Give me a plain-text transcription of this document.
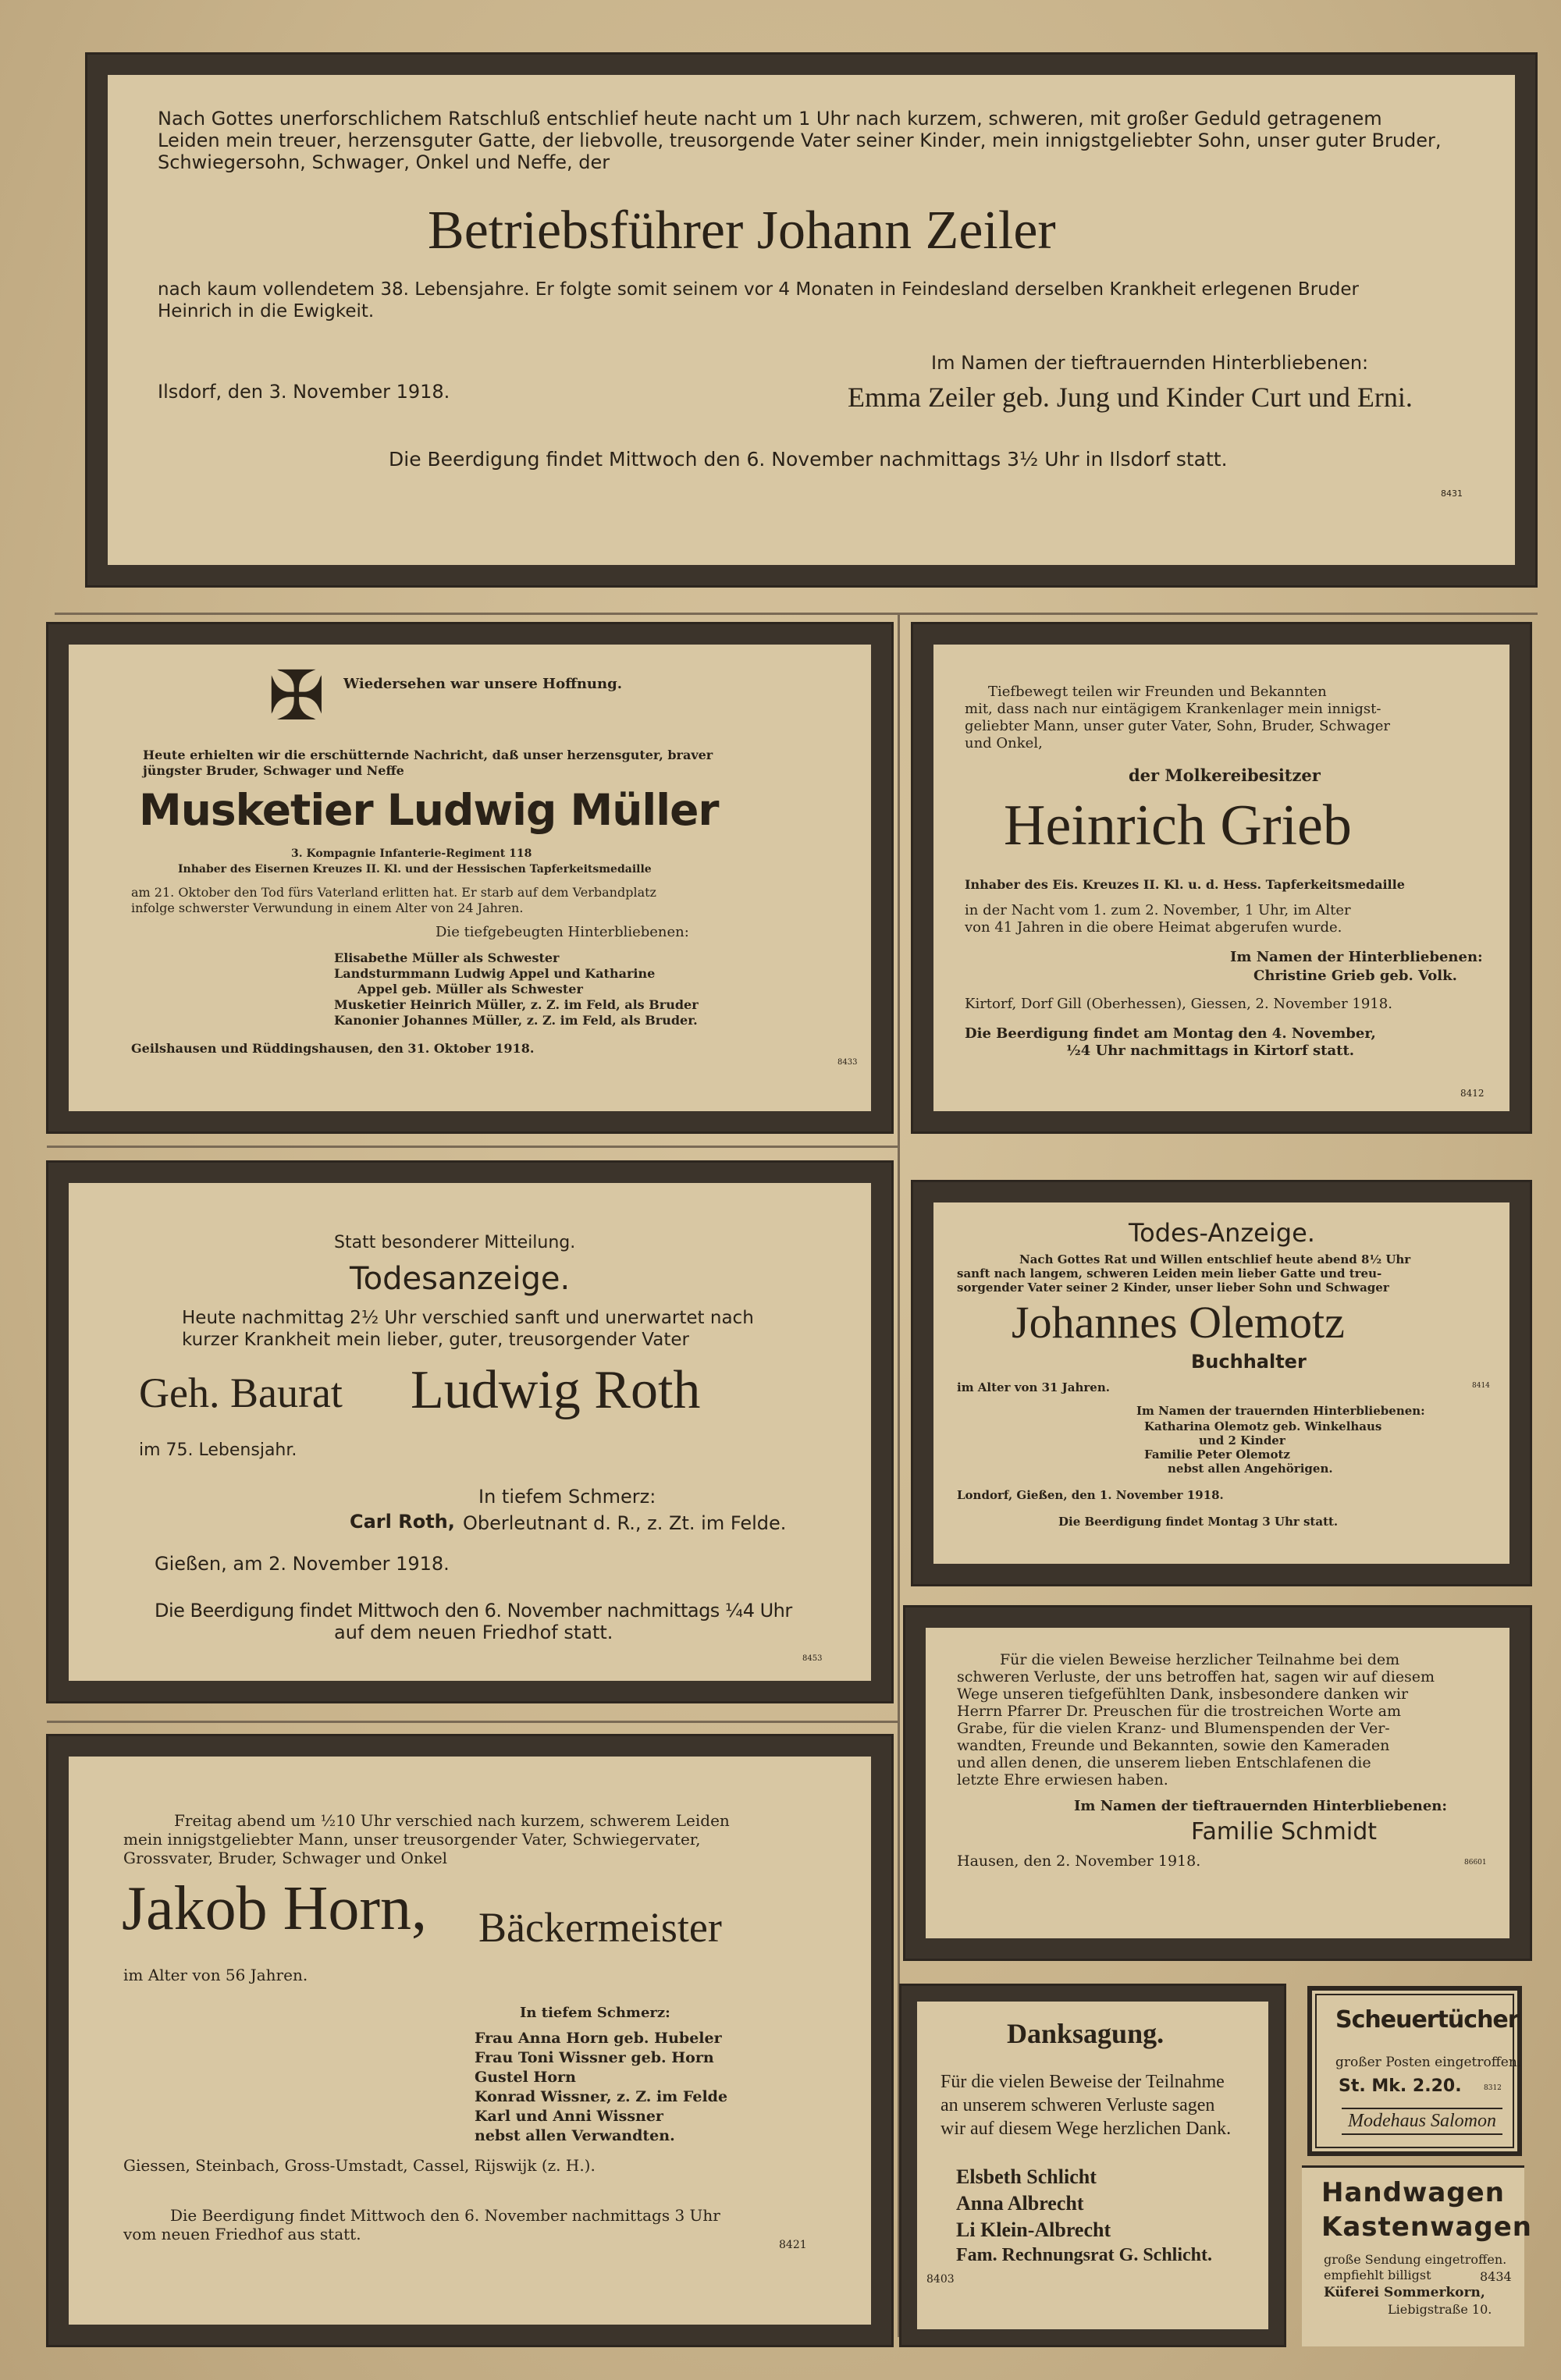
Nach Gottes unerforschlichem Ratschluß entschlief heute nacht um 1 Uhr nach kurzem, schweren, mit großer Geduld getragenem
Leiden mein treuer, herzensguter Gatte, der liebvolle, treusorgende Vater seiner Kinder, mein innigstgeliebter Sohn, unser guter Bruder,
Schwiegersohn, Schwager, Onkel und Neffe, der
Betriebsführer Johann Zeiler
nach kaum vollendetem 38. Lebensjahre. Er folgte somit seinem vor 4 Monaten in Feindesland derselben Krankheit erlegenen Bruder
Heinrich in die Ewigkeit.
Im Namen der tieftrauernden Hinterbliebenen:
Ilsdorf, den 3. November 1918.	Emma Zeiler geb. Jung und Kinder Curt und Erni.
Die Beerdigung findet Mittwoch den 6. November nachmittags 3½ Uhr in Ilsdorf statt.
8431
✠ Wiedersehen war unsere Hoffnung.
Heute erhielten wir die erschütternde Nachricht, daß unser herzensguter, braver
jüngster Bruder, Schwager und Neffe
Musketier Ludwig Müller
3. Kompagnie Infanterie-Regiment 118
Inhaber des Eisernen Kreuzes II. Kl. und der Hessischen Tapferkeitsmedaille
am 21. Oktober den Tod fürs Vaterland erlitten hat. Er starb auf dem Verbandplatz
infolge schwerster Verwundung in einem Alter von 24 Jahren.
Die tiefgebeugten Hinterbliebenen:
Elisabethe Müller als Schwester
Landsturmmann Ludwig Appel und Katharine
Appel geb. Müller als Schwester
Musketier Heinrich Müller, z. Z. im Feld, als Bruder
Kanonier Johannes Müller, z. Z. im Feld, als Bruder.
Geilshausen und Rüddingshausen, den 31. Oktober 1918.
8433
Tiefbewegt teilen wir Freunden und Bekannten
mit, dass nach nur eintägigem Krankenlager mein innigst-
geliebter Mann, unser guter Vater, Sohn, Bruder, Schwager
und Onkel,
der Molkereibesitzer
Heinrich Grieb
Inhaber des Eis. Kreuzes II. Kl. u. d. Hess. Tapferkeitsmedaille
in der Nacht vom 1. zum 2. November, 1 Uhr, im Alter
von 41 Jahren in die obere Heimat abgerufen wurde.
Im Namen der Hinterbliebenen:
Christine Grieb geb. Volk.
Kirtorf, Dorf Gill (Oberhessen), Giessen, 2. November 1918.
Die Beerdigung findet am Montag den 4. November,
½4 Uhr nachmittags in Kirtorf statt.
8412
Statt besonderer Mitteilung.
Todesanzeige.
Heute nachmittag 2½ Uhr verschied sanft und unerwartet nach
kurzer Krankheit mein lieber, guter, treusorgender Vater
Geh. Baurat Ludwig Roth
im 75. Lebensjahr.
In tiefem Schmerz:
Carl Roth, Oberleutnant d. R., z. Zt. im Felde.
Gießen, am 2. November 1918.
Die Beerdigung findet Mittwoch den 6. November nachmittags ¼4 Uhr
auf dem neuen Friedhof statt.
8453
Todes-Anzeige.
Nach Gottes Rat und Willen entschlief heute abend 8½ Uhr
sanft nach langem, schweren Leiden mein lieber Gatte und treu-
sorgender Vater seiner 2 Kinder, unser lieber Sohn und Schwager
Johannes Olemotz
Buchhalter
im Alter von 31 Jahren.	8414
Im Namen der trauernden Hinterbliebenen:
Katharina Olemotz geb. Winkelhaus
und 2 Kinder
Familie Peter Olemotz
nebst allen Angehörigen.
Londorf, Gießen, den 1. November 1918.
Die Beerdigung findet Montag 3 Uhr statt.
Für die vielen Beweise herzlicher Teilnahme bei dem
schweren Verluste, der uns betroffen hat, sagen wir auf diesem
Wege unseren tiefgefühlten Dank, insbesondere danken wir
Herrn Pfarrer Dr. Preuschen für die trostreichen Worte am
Grabe, für die vielen Kranz- und Blumenspenden der Ver-
wandten, Freunde und Bekannten, sowie den Kameraden
und allen denen, die unserem lieben Entschlafenen die
letzte Ehre erwiesen haben.
Im Namen der tieftrauernden Hinterbliebenen:
Familie Schmidt
Hausen, den 2. November 1918.	86601
Freitag abend um ½10 Uhr verschied nach kurzem, schwerem Leiden
mein innigstgeliebter Mann, unser treusorgender Vater, Schwiegervater,
Grossvater, Bruder, Schwager und Onkel
Jakob Horn, Bäckermeister
im Alter von 56 Jahren.
In tiefem Schmerz:
Frau Anna Horn geb. Hubeler
Frau Toni Wissner geb. Horn
Gustel Horn
Konrad Wissner, z. Z. im Felde
Karl und Anni Wissner
nebst allen Verwandten.
Giessen, Steinbach, Gross-Umstadt, Cassel, Rijswijk (z. H.).
Die Beerdigung findet Mittwoch den 6. November nachmittags 3 Uhr
vom neuen Friedhof aus statt.
8421
Danksagung.
Für die vielen Beweise der Teilnahme
an unserem schweren Verluste sagen
wir auf diesem Wege herzlichen Dank.
Elsbeth Schlicht
Anna Albrecht
Li Klein-Albrecht
Fam. Rechnungsrat G. Schlicht.
8403
Scheuertücher
großer Posten eingetroffen.
St. Mk. 2.20.	8312
Modehaus Salomon
Handwagen
Kastenwagen
große Sendung eingetroffen.
empfiehlt billigst	8434
Küferei Sommerkorn,
Liebigstraße 10.
